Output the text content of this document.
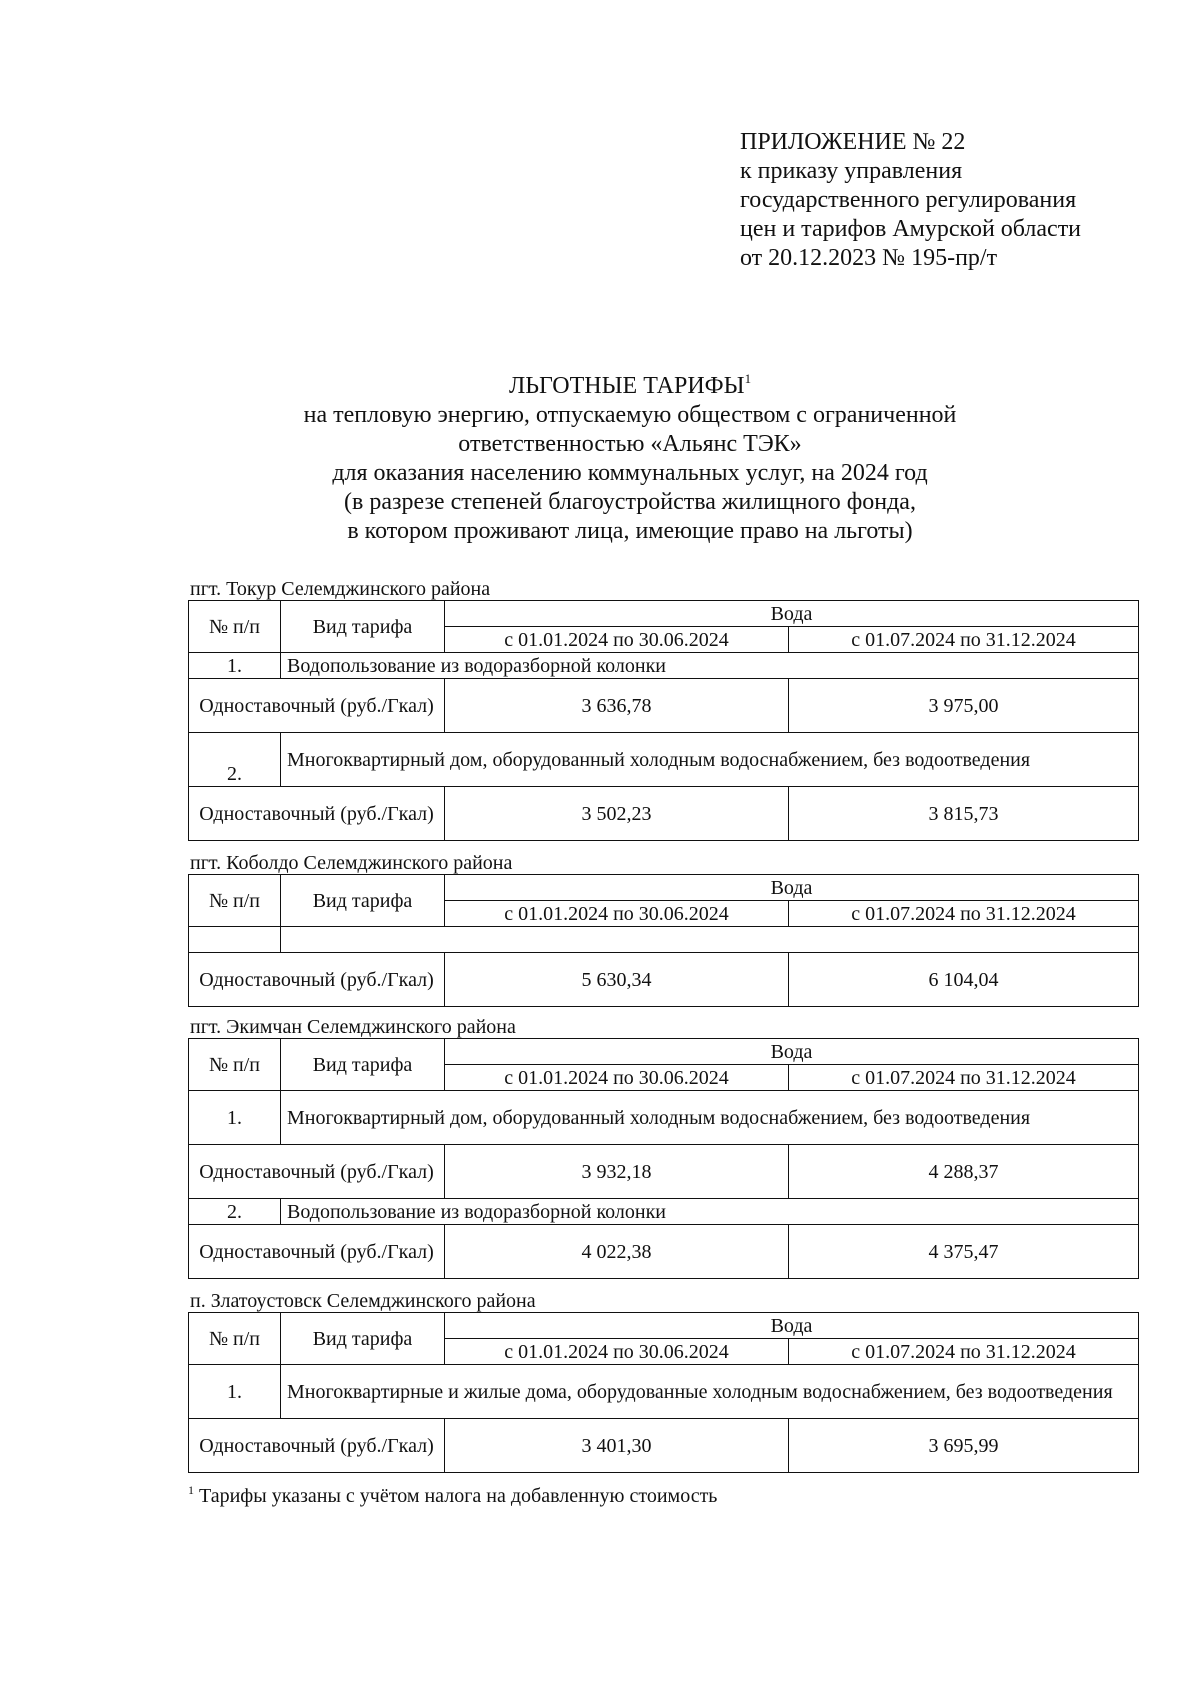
ПРИЛОЖЕНИЕ № 22
к приказу управления
государственного регулирования
цен и тарифов Амурской области
от 20.12.2023 № 195-пр/т
ЛЬГОТНЫЕ ТАРИФЫ$^1$
на тепловую энергию, отпускаемую обществом с ограниченной
ответственностью «Альянс ТЭК»
для оказания населению коммунальных услуг, на 2024 год
(в разрезе степеней благоустройства жилищного фонда,
в котором проживают лица, имеющие право на льготы)
пгт. Токур Селемджинского района
№ п/п	Вид тарифа	Вода	
		с 01.01.2024 по 30.06.2024	с 01.07.2024 по 31.12.2024
1.	Водопользование из водоразборной колонки		
Одноставочный (руб./Гкал)		3 636,78	3 975,00
2.	Многоквартирный дом, оборудованный холодным водоснабжением, без водоотведения		
Одноставочный (руб./Гкал)		3 502,23	3 815,73
пгт. Коболдо Селемджинского района
№ п/п	Вид тарифа	Вода	
		с 01.01.2024 по 30.06.2024	с 01.07.2024 по 31.12.2024

Одноставочный (руб./Гкал)		5 630,34	6 104,04
пгт. Экимчан Селемджинского района
№ п/п	Вид тарифа	Вода	
		с 01.01.2024 по 30.06.2024	с 01.07.2024 по 31.12.2024
1.	Многоквартирный дом, оборудованный холодным водоснабжением, без водоотведения		
Одноставочный (руб./Гкал)		3 932,18	4 288,37
2.	Водопользование из водоразборной колонки		
Одноставочный (руб./Гкал)		4 022,38	4 375,47
п. Златоустовск Селемджинского района
№ п/п	Вид тарифа	Вода	
		с 01.01.2024 по 30.06.2024	с 01.07.2024 по 31.12.2024
1.	Многоквартирные и жилые дома, оборудованные холодным водоснабжением, без водоотведения		
Одноставочный (руб./Гкал)		3 401,30	3 695,99
$^1$ Тарифы указаны с учётом налога на добавленную стоимость
